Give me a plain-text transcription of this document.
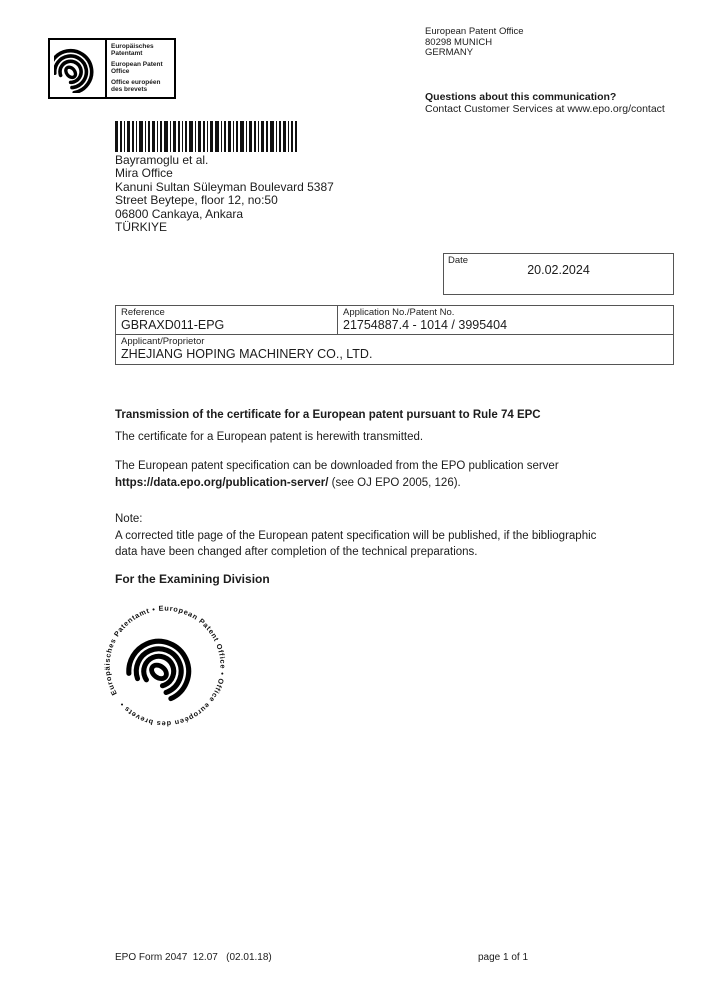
Europäisches Patentamt
European Patent Office
Office européen des brevets
European Patent Office
80298 MUNICH
GERMANY
Questions about this communication?
Contact Customer Services at www.epo.org/contact
Bayramoglu et al.
Mira Office
Kanuni Sultan Süleyman Boulevard 5387
Street Beytepe, floor 12, no:50
06800 Cankaya, Ankara
TÜRKIYE
Date
20.02.2024
Reference
GBRAXD011-EPG
Application No./Patent No.
21754887.4 - 1014 / 3995404
Applicant/Proprietor
ZHEJIANG HOPING MACHINERY CO., LTD.
Transmission of the certificate for a European patent pursuant to Rule 74 EPC
The certificate for a European patent is herewith transmitted.
The European patent specification can be downloaded from the EPO publication server
https://data.epo.org/publication-server/ (see OJ EPO 2005, 126).
Note:
A corrected title page of the European patent specification will be published, if the bibliographic data have been changed after completion of the technical preparations.
For the Examining Division
Europäisches Patentamt • European Patent Office • Office européen des brevets •
EPO Form 2047  12.07   (02.01.18)	page 1 of 1
